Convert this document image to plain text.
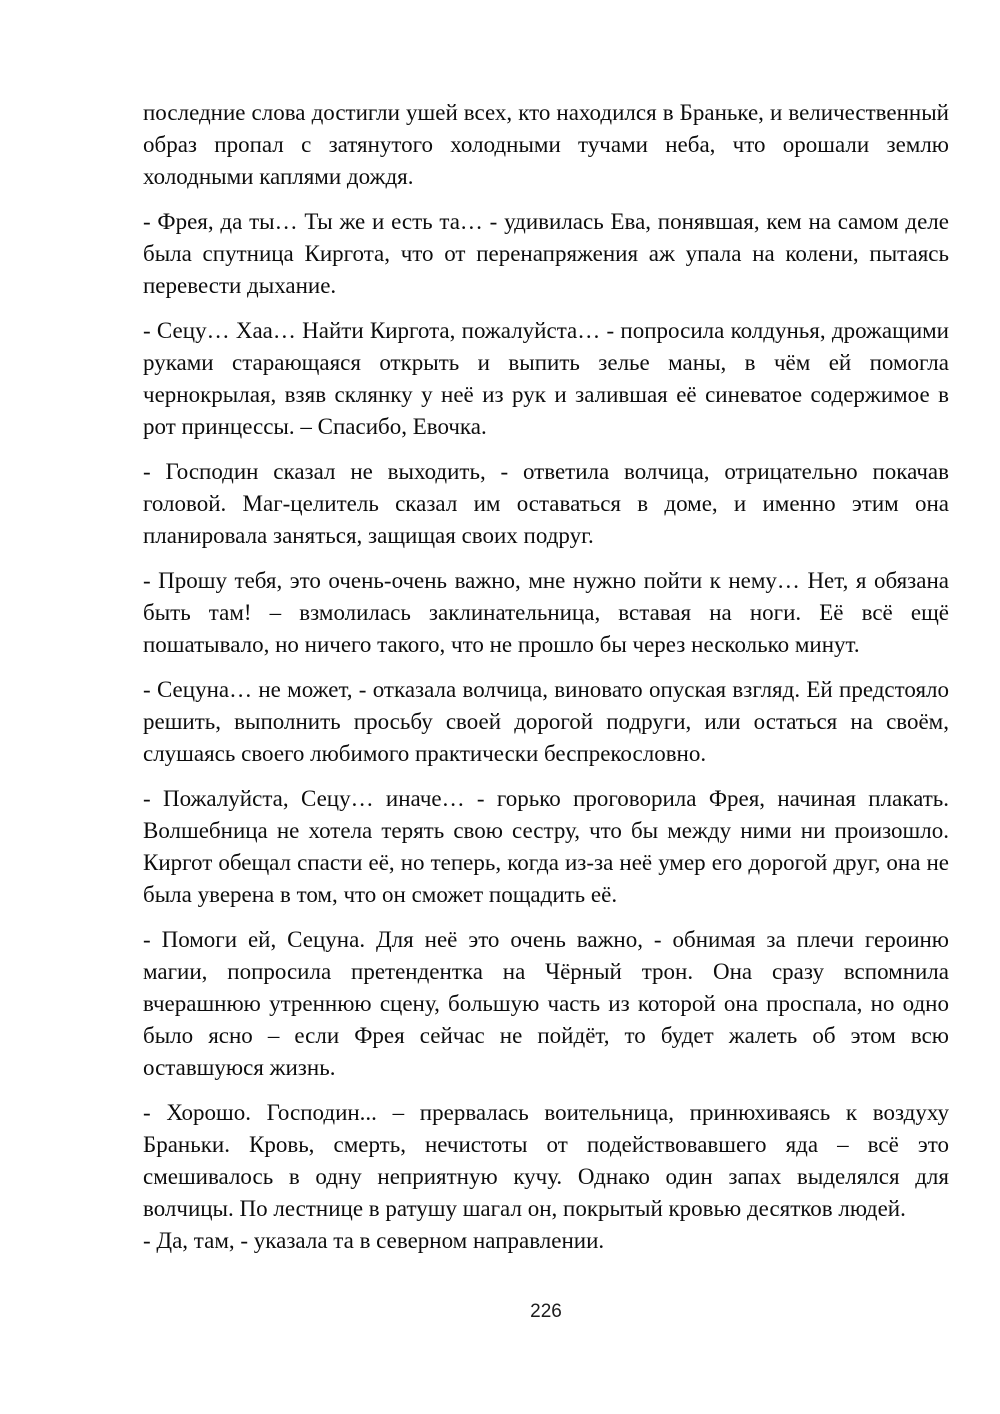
последние слова достигли ушей всех, кто находился в Браньке, и величественный образ пропал с затянутого холодными тучами неба, что орошали землю холодными каплями дождя.

- Фрея, да ты… Ты же и есть та… - удивилась Ева, понявшая, кем на самом деле была спутница Киргота, что от перенапряжения аж упала на колени, пытаясь перевести дыхание.

- Сецу… Хаа… Найти Киргота, пожалуйста… - попросила колдунья, дрожащими руками старающаяся открыть и выпить зелье маны, в чём ей помогла чернокрылая, взяв склянку у неё из рук и залившая её синеватое содержимое в рот принцессы. – Спасибо, Евочка.

- Господин сказал не выходить, - ответила волчица, отрицательно покачав головой. Маг-целитель сказал им оставаться в доме, и именно этим она планировала заняться, защищая своих подруг.

- Прошу тебя, это очень-очень важно, мне нужно пойти к нему… Нет, я обязана быть там! – взмолилась заклинательница, вставая на ноги. Её всё ещё пошатывало, но ничего такого, что не прошло бы через несколько минут.

- Сецуна… не может, - отказала волчица, виновато опуская взгляд. Ей предстояло решить, выполнить просьбу своей дорогой подруги, или остаться на своём, слушаясь своего любимого практически беспрекословно.

- Пожалуйста, Сецу… иначе… - горько проговорила Фрея, начиная плакать. Волшебница не хотела терять свою сестру, что бы между ними ни произошло. Киргот обещал спасти её, но теперь, когда из-за неё умер его дорогой друг, она не была уверена в том, что он сможет пощадить её.

- Помоги ей, Сецуна. Для неё это очень важно, - обнимая за плечи героиню магии, попросила претендентка на Чёрный трон. Она сразу вспомнила вчерашнюю утреннюю сцену, большую часть из которой она проспала, но одно было ясно – если Фрея сейчас не пойдёт, то будет жалеть об этом всю оставшуюся жизнь.

- Хорошо. Господин... – прервалась воительница, принюхиваясь к воздуху Браньки. Кровь, смерть, нечистоты от подействовавшего яда – всё это смешивалось в одну неприятную кучу. Однако один запах выделялся для волчицы. По лестнице в ратушу шагал он, покрытый кровью десятков людей.

- Да, там, - указала та в северном направлении.

226
